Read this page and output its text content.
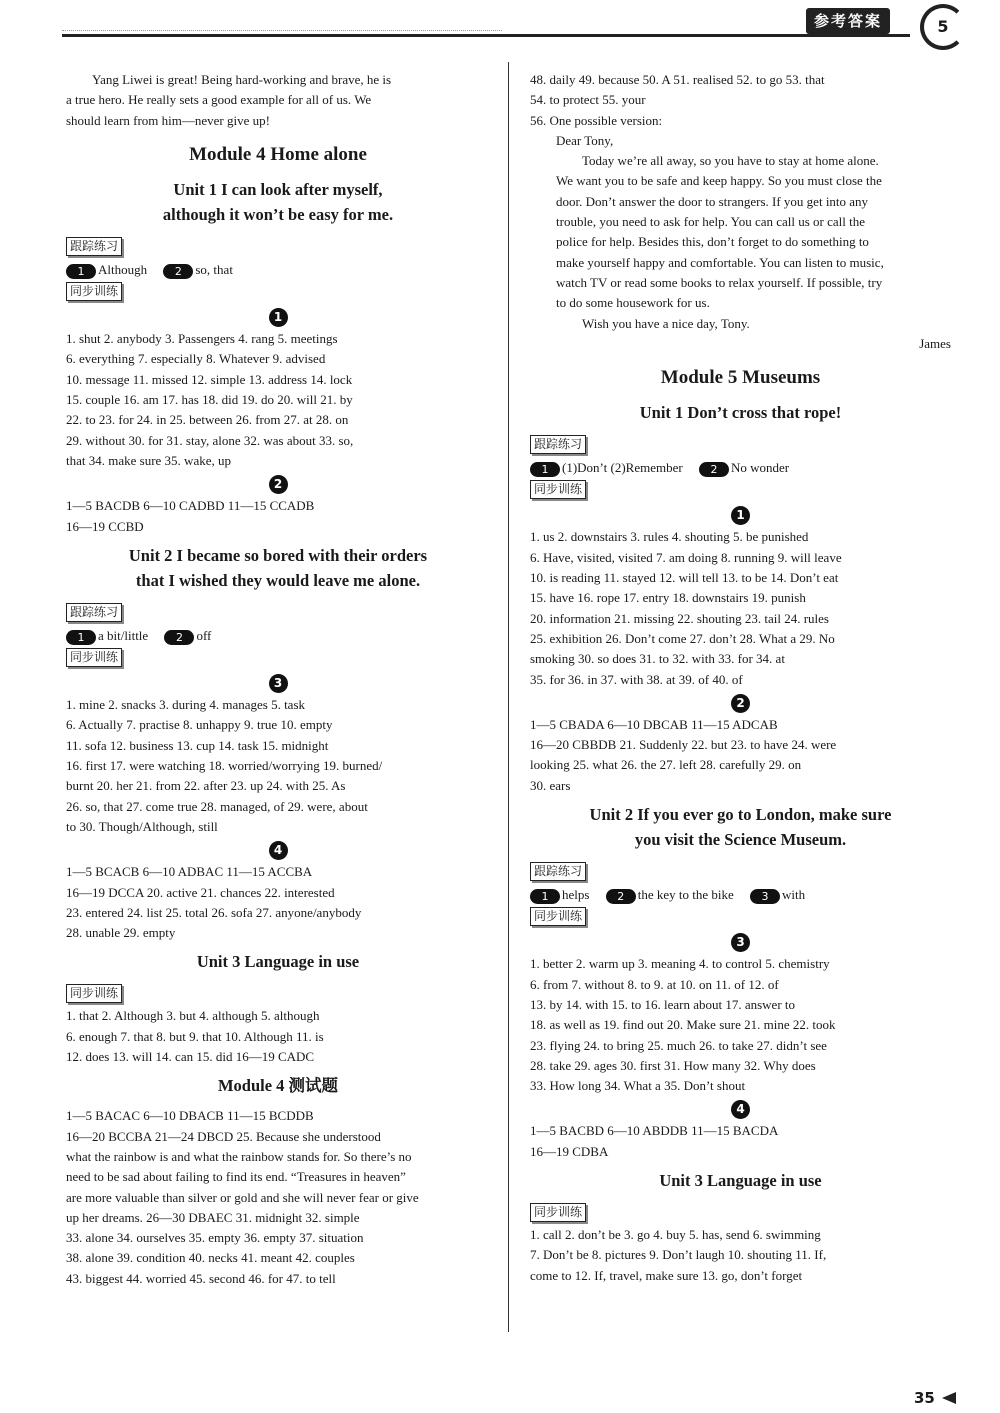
参考答案	5

Yang Liwei is great! Being hard-working and brave, he is

a true hero. He really sets a good example for all of us. We

should learn from him—never give up!

Module 4 Home alone
Unit 1 I can look after myself,
although it won’t be easy for me.
跟踪练习
1 Although	2 so, that
同步训练
1

1. shut 2. anybody 3. Passengers 4. rang 5. meetings

6. everything 7. especially 8. Whatever 9. advised

10. message 11. missed 12. simple 13. address 14. lock

15. couple 16. am 17. has 18. did 19. do 20. will 21. by

22. to 23. for 24. in 25. between 26. from 27. at 28. on

29. without 30. for 31. stay, alone 32. was about 33. so,

that 34. make sure 35. wake, up

2

1—5 BACDB 6—10 CADBD 11—15 CCADB

16—19 CCBD

Unit 2 I became so bored with their orders
that I wished they would leave me alone.
跟踪练习
1 a bit/little	2 off
同步训练
3

1. mine 2. snacks 3. during 4. manages 5. task

6. Actually 7. practise 8. unhappy 9. true 10. empty

11. sofa 12. business 13. cup 14. task 15. midnight

16. first 17. were watching 18. worried/worrying 19. burned/

burnt 20. her 21. from 22. after 23. up 24. with 25. As

26. so, that 27. come true 28. managed, of 29. were, about

to 30. Though/Although, still

4

1—5 BCACB 6—10 ADBAC 11—15 ACCBA

16—19 DCCA 20. active 21. chances 22. interested

23. entered 24. list 25. total 26. sofa 27. anyone/anybody

28. unable 29. empty

Unit 3 Language in use
同步训练

1. that 2. Although 3. but 4. although 5. although

6. enough 7. that 8. but 9. that 10. Although 11. is

12. does 13. will 14. can 15. did 16—19 CADC

Module 4 测试题

1—5 BACAC 6—10 DBACB 11—15 BCDDB

16—20 BCCBA 21—24 DBCD 25. Because she understood

what the rainbow is and what the rainbow stands for. So there’s no

need to be sad about failing to find its end. “Treasures in heaven”

are more valuable than silver or gold and she will never fear or give

up her dreams. 26—30 DBAEC 31. midnight 32. simple

33. alone 34. ourselves 35. empty 36. empty 37. situation

38. alone 39. condition 40. necks 41. meant 42. couples

43. biggest 44. worried 45. second 46. for 47. to tell

48. daily 49. because 50. A 51. realised 52. to go 53. that

54. to protect 55. your

56. One possible version:

Dear Tony,

Today we’re all away, so you have to stay at home alone.

We want you to be safe and keep happy. So you must close the

door. Don’t answer the door to strangers. If you get into any

trouble, you need to ask for help. You can call us or call the

police for help. Besides this, don’t forget to do something to

make yourself happy and comfortable. You can listen to music,

watch TV or read some books to relax yourself. If possible, try

to do some housework for us.

Wish you have a nice day, Tony.

James

Module 5 Museums
Unit 1 Don’t cross that rope!
跟踪练习
1 (1)Don’t (2)Remember	2 No wonder
同步训练
1

1. us 2. downstairs 3. rules 4. shouting 5. be punished

6. Have, visited, visited 7. am doing 8. running 9. will leave

10. is reading 11. stayed 12. will tell 13. to be 14. Don’t eat

15. have 16. rope 17. entry 18. downstairs 19. punish

20. information 21. missing 22. shouting 23. tail 24. rules

25. exhibition 26. Don’t come 27. don’t 28. What a 29. No

smoking 30. so does 31. to 32. with 33. for 34. at

35. for 36. in 37. with 38. at 39. of 40. of

2

1—5 CBADA 6—10 DBCAB 11—15 ADCAB

16—20 CBBDB 21. Suddenly 22. but 23. to have 24. were

looking 25. what 26. the 27. left 28. carefully 29. on

30. ears

Unit 2 If you ever go to London, make sure
you visit the Science Museum.
跟踪练习
1 helps	2 the key to the bike	3 with
同步训练
3

1. better 2. warm up 3. meaning 4. to control 5. chemistry

6. from 7. without 8. to 9. at 10. on 11. of 12. of

13. by 14. with 15. to 16. learn about 17. answer to

18. as well as 19. find out 20. Make sure 21. mine 22. took

23. flying 24. to bring 25. much 26. to take 27. didn’t see

28. take 29. ages 30. first 31. How many 32. Why does

33. How long 34. What a 35. Don’t shout

4

1—5 BACBD 6—10 ABDDB 11—15 BACDA

16—19 CDBA

Unit 3 Language in use
同步训练

1. call 2. don’t be 3. go 4. buy 5. has, send 6. swimming

7. Don’t be 8. pictures 9. Don’t laugh 10. shouting 11. If,

come to 12. If, travel, make sure 13. go, don’t forget

35
